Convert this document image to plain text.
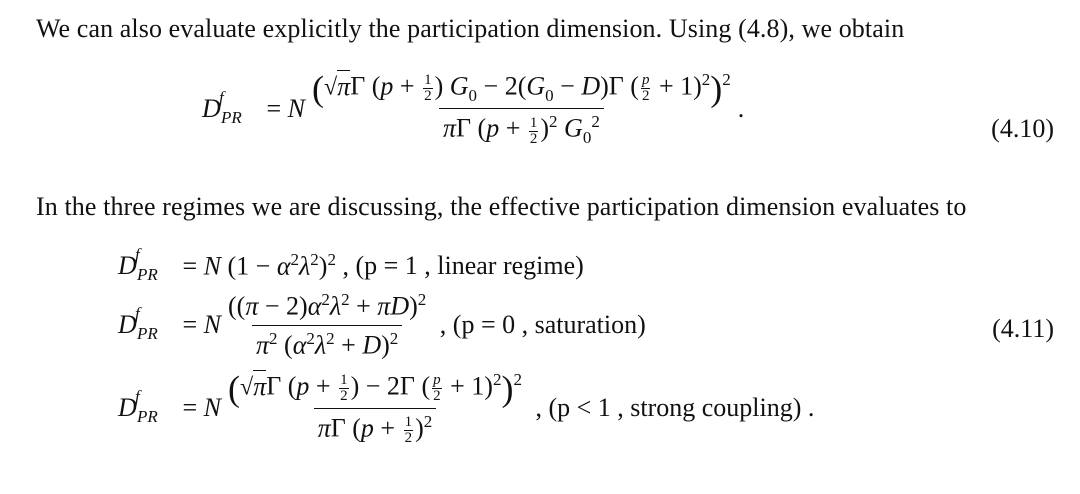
We can also evaluate explicitly the participation dimension. Using (4.8), we obtain
D
f
PR = N $\frac{(√\pi\Gamma (p + \frac{1}{2} ) G_0 - 2(G_0 - D)\Gamma ( \frac{p}{2} + 1)^2)^2}{\pi\Gamma (p + \frac{1}{2} )^2 G_0^2}$ .
(4.10)
In the three regimes we are discussing, the effective participation dimension evaluates to
D
f
PR = N $(1 - \alpha^2\lambda^2)^2$ , (p = 1 , linear regime)
D
f
PR = N $\frac{((\pi - 2)\alpha^2\lambda^2 + \pi D)^2}{\pi^2 (\alpha^2\lambda^2 + D)^2}$ , (p = 0 , saturation)	(4.11)
D
f
PR = N $\frac{(√\pi\Gamma (p + \frac{1}{2} ) - 2\Gamma ( \frac{p}{2} + 1)^2)^2}{\pi\Gamma (p + \frac{1}{2} )^2}$ , (p < 1 , strong coupling) .
